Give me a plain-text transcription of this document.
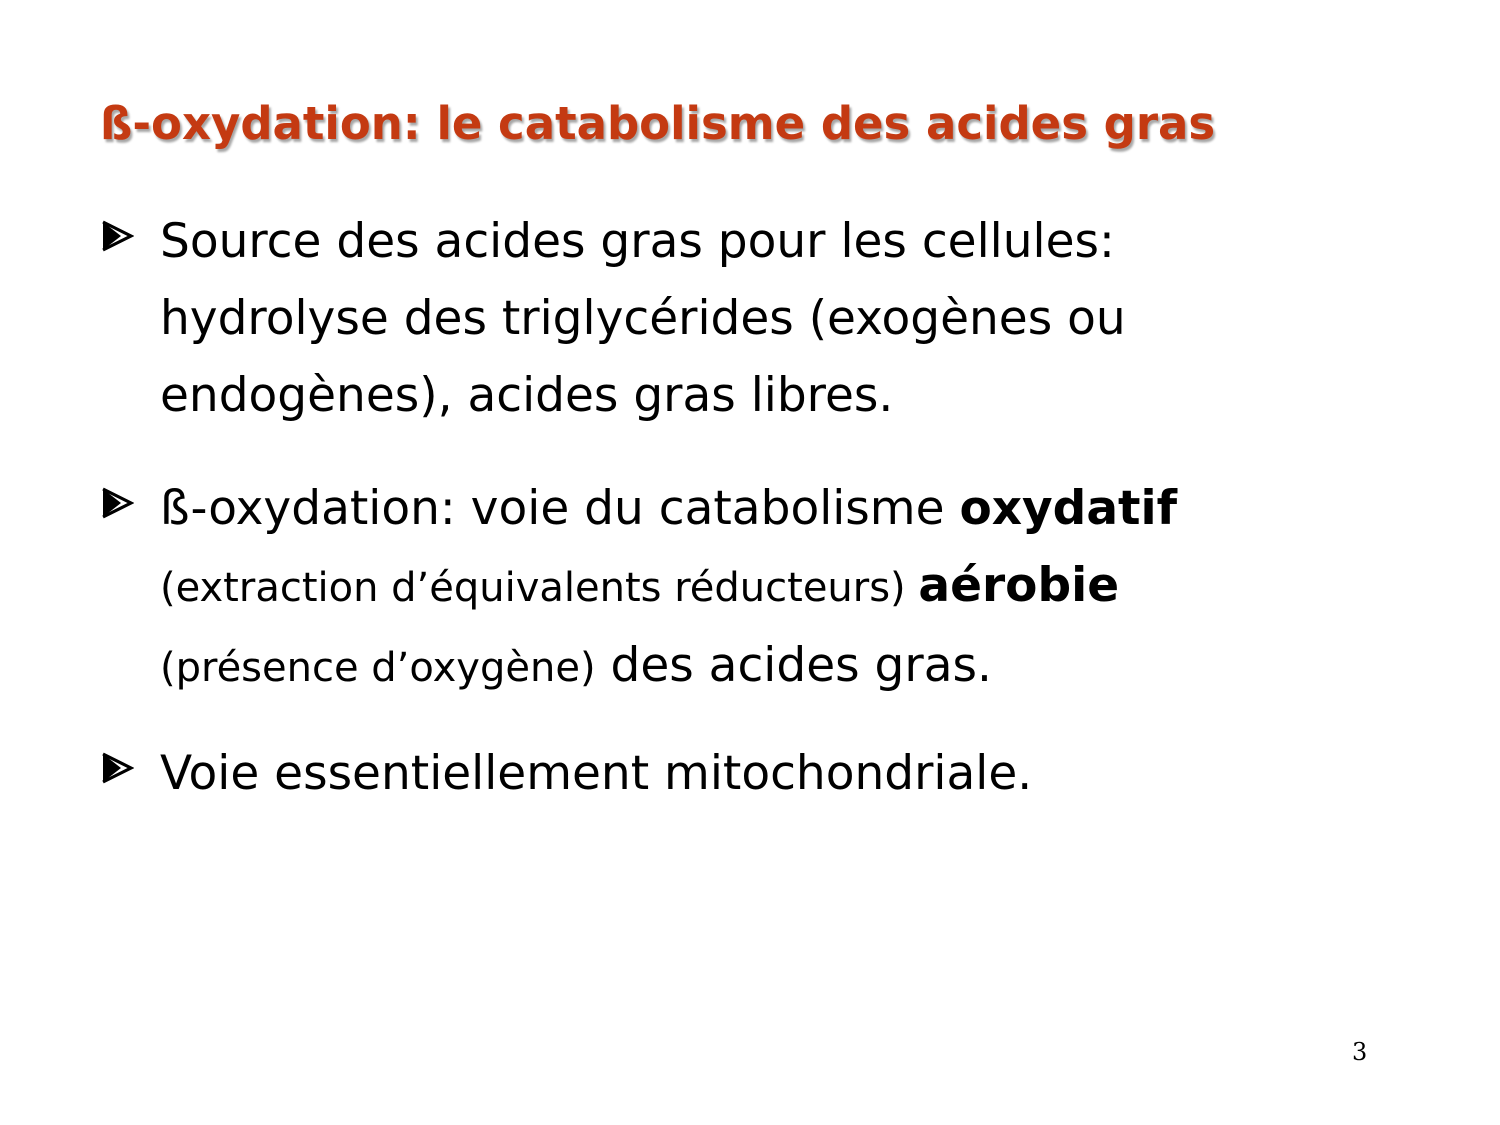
ß-oxydation: le catabolisme des acides gras

Source des acides gras pour les cellules:
hydrolyse des triglycérides (exogènes ou
endogènes), acides gras libres.

ß-oxydation: voie du catabolisme oxydatif
(extraction d’équivalents réducteurs) aérobie
(présence d’oxygène) des acides gras.

Voie essentiellement mitochondriale.

3
